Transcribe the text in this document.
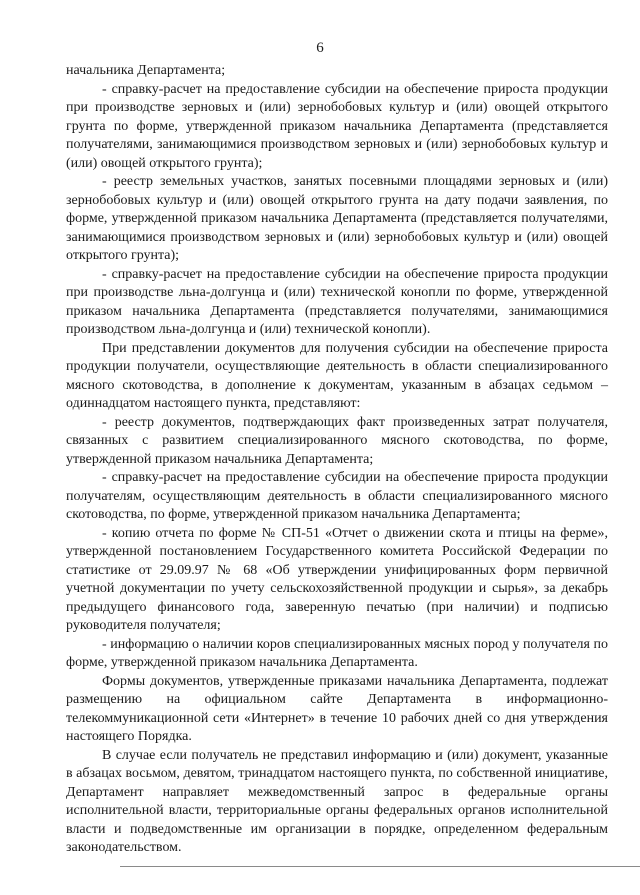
6

начальника Департамента;

- справку-расчет на предоставление субсидии на обеспечение прироста продукции при производстве зерновых и (или) зернобобовых культур и (или) овощей открытого грунта по форме, утвержденной приказом начальника Департамента (представляется получателями, занимающимися производством зерновых и (или) зернобобовых культур и (или) овощей открытого грунта);

- реестр земельных участков, занятых посевными площадями зерновых и (или) зернобобовых культур и (или) овощей открытого грунта на дату подачи заявления, по форме, утвержденной приказом начальника Департамента (представляется получателями, занимающимися производством зерновых и (или) зернобобовых культур и (или) овощей открытого грунта);

- справку-расчет на предоставление субсидии на обеспечение прироста продукции при производстве льна-долгунца и (или) технической конопли по форме, утвержденной приказом начальника Департамента (представляется получателями, занимающимися производством льна-долгунца и (или) технической конопли).

При представлении документов для получения субсидии на обеспечение прироста продукции получатели, осуществляющие деятельность в области специализированного мясного скотоводства, в дополнение к документам, указанным в абзацах седьмом – одиннадцатом настоящего пункта, представляют:

- реестр документов, подтверждающих факт произведенных затрат получателя, связанных с развитием специализированного мясного скотоводства, по форме, утвержденной приказом начальника Департамента;

- справку-расчет на предоставление субсидии на обеспечение прироста продукции получателям, осуществляющим деятельность в области специализированного мясного скотоводства, по форме, утвержденной приказом начальника Департамента;

- копию отчета по форме № СП-51 «Отчет о движении скота и птицы на ферме», утвержденной постановлением Государственного комитета Российской Федерации по статистике от 29.09.97 № 68 «Об утверждении унифицированных форм первичной учетной документации по учету сельскохозяйственной продукции и сырья», за декабрь предыдущего финансового года, заверенную печатью (при наличии) и подписью руководителя получателя;

- информацию о наличии коров специализированных мясных пород у получателя по форме, утвержденной приказом начальника Департамента.

Формы документов, утвержденные приказами начальника Департамента, подлежат размещению на официальном сайте Департамента в информационно-телекоммуникационной сети «Интернет» в течение 10 рабочих дней со дня утверждения настоящего Порядка.

В случае если получатель не представил информацию и (или) документ, указанные в абзацах восьмом, девятом, тринадцатом настоящего пункта, по собственной инициативе, Департамент направляет межведомственный запрос в федеральные органы исполнительной власти, территориальные органы федеральных органов исполнительной власти и подведомственные им организации в порядке, определенном федеральным законодательством.
